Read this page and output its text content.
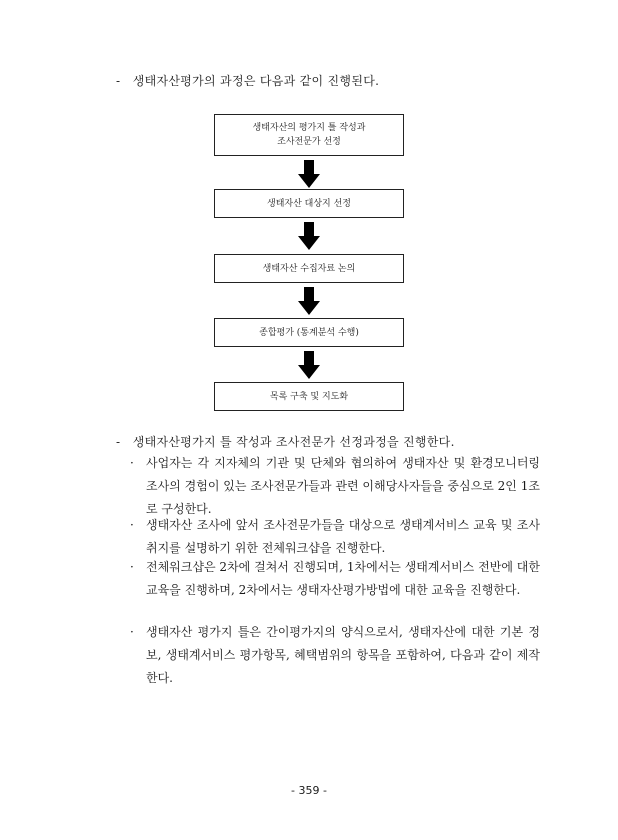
- 생태자산평가의 과정은 다음과 같이 진행된다.
생태자산의 평가지 틀 작성과
조사전문가 선정
생태자산 대상지 선정
생태자산 수집자료 논의
종합평가 (통계분석 수행)
목록 구축 및 지도화
- 생태자산평가지 틀 작성과 조사전문가 선정과정을 진행한다.
· 사업자는 각 지자체의 기관 및 단체와 협의하여 생태자산 및 환경모니터링 조사의 경험이 있는 조사전문가들과 관련 이해당사자들을 중심으로 2인 1조로 구성한다.
· 생태자산 조사에 앞서 조사전문가들을 대상으로 생태계서비스 교육 및 조사취지를 설명하기 위한 전체워크샵을 진행한다.
· 전체워크샵은 2차에 걸쳐서 진행되며, 1차에서는 생태계서비스 전반에 대한 교육을 진행하며, 2차에서는 생태자산평가방법에 대한 교육을 진행한다.
· 생태자산 평가지 틀은 간이평가지의 양식으로서, 생태자산에 대한 기본 정보, 생태계서비스 평가항목, 혜택범위의 항목을 포함하여, 다음과 같이 제작한다.
- 359 -
